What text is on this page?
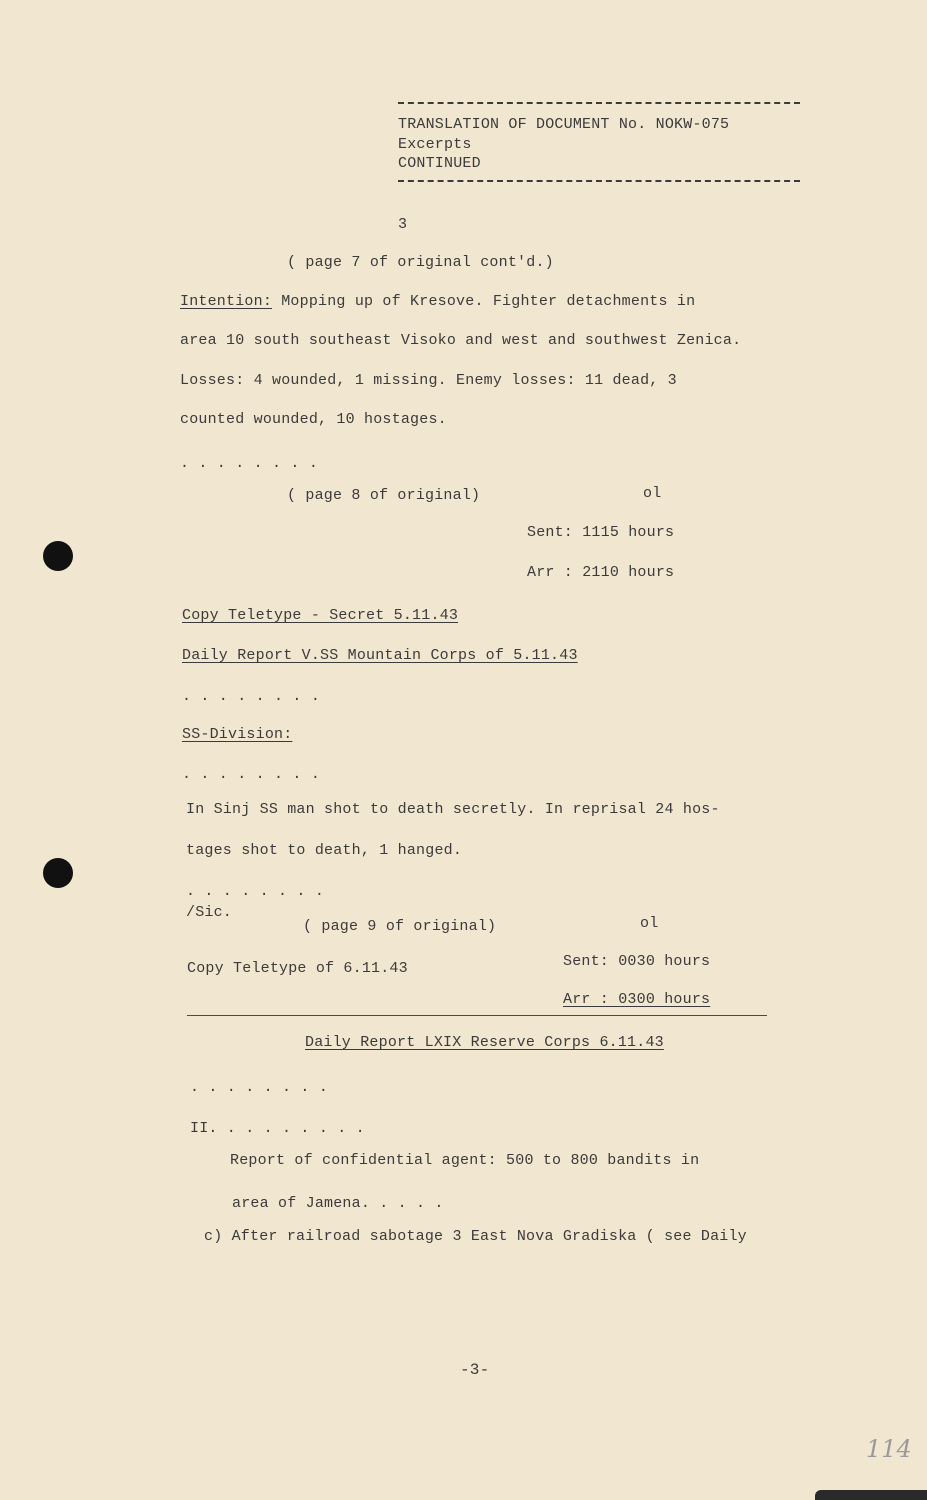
TRANSLATION OF DOCUMENT No. NOKW-075
Excerpts
CONTINUED
3
( page 7 of original cont'd.)
Intention: Mopping up of Kresove. Fighter detachments in
area 10 south southeast Visoko and west and southwest Zenica.
Losses: 4 wounded, 1 missing. Enemy losses: 11 dead, 3
counted wounded, 10 hostages.
. . . . . . . .
( page 8 of original)	ol
Sent: 1115 hours
Arr : 2110 hours
Copy Teletype - Secret 5.11.43
Daily Report V.SS Mountain Corps of 5.11.43
. . . . . . . .
SS-Division:
. . . . . . . .
In Sinj SS man shot to death secretly. In reprisal 24 hos-
tages shot to death, 1 hanged.
. . . . . . . .
/Sic.
( page 9 of original)	ol
Copy Teletype of 6.11.43	Sent: 0030 hours
Arr : 0300 hours
Daily Report LXIX Reserve Corps 6.11.43
. . . . . . . .
II. . . . . . . . .
Report of confidential agent: 500 to 800 bandits in
area of Jamena. . . . .
c) After railroad sabotage 3 East Nova Gradiska ( see Daily
-3-
114
